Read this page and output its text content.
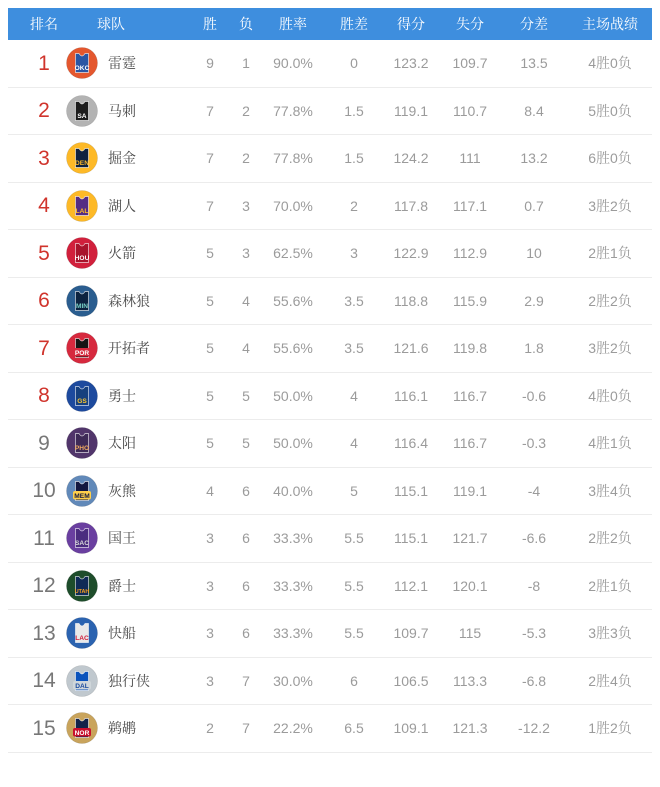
排名	球队	胜	负	胜率	胜差	得分	失分	分差	主场战绩
1	OKC 雷霆	9	1	90.0%	0	123.2	109.7	13.5	4胜0负
2	SA 马刺	7	2	77.8%	1.5	119.1	110.7	8.4	5胜0负
3	DEN 掘金	7	2	77.8%	1.5	124.2	111	13.2	6胜0负
4	LAL 湖人	7	3	70.0%	2	117.8	117.1	0.7	3胜2负
5	HOU 火箭	5	3	62.5%	3	122.9	112.9	10	2胜1负
6	MIN 森林狼	5	4	55.6%	3.5	118.8	115.9	2.9	2胜2负
7	POR 开拓者	5	4	55.6%	3.5	121.6	119.8	1.8	3胜2负
8	GS 勇士	5	5	50.0%	4	116.1	116.7	-0.6	4胜0负
9	PHO 太阳	5	5	50.0%	4	116.4	116.7	-0.3	4胜1负
10	MEM 灰熊	4	6	40.0%	5	115.1	119.1	-4	3胜4负
11	SAC 国王	3	6	33.3%	5.5	115.1	121.7	-6.6	2胜2负
12	UTAH 爵士	3	6	33.3%	5.5	112.1	120.1	-8	2胜1负
13	LAC 快船	3	6	33.3%	5.5	109.7	115	-5.3	3胜3负
14	DAL 独行侠	3	7	30.0%	6	106.5	113.3	-6.8	2胜4负
15	NOR 鹈鹕	2	7	22.2%	6.5	109.1	121.3	-12.2	1胜2负
